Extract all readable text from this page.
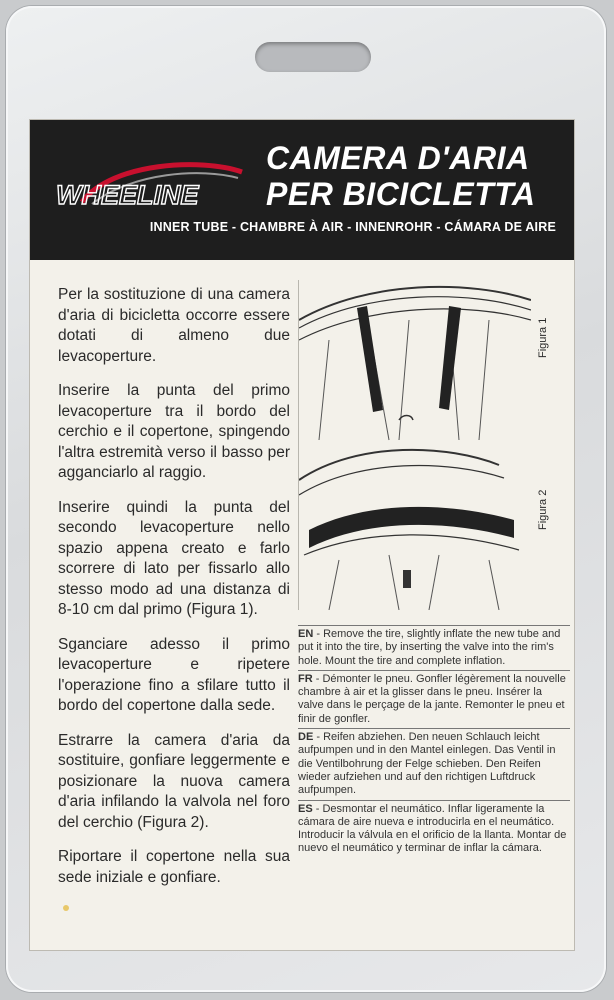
WHEELINE
CAMERA D'ARIA
PER BICICLETTA
INNER TUBE - CHAMBRE À AIR - INNENROHR - CÁMARA DE AIRE

Per la sostituzione di una camera d'aria di bicicletta occorre essere dotati di almeno due levacoperture.

Inserire la punta del primo levacoperture tra il bordo del cerchio e il copertone, spingendo l'altra estremità verso il basso per agganciarlo al raggio.

Inserire quindi la punta del secondo levacoperture nello spazio appena creato e farlo scorrere di lato per fissarlo allo stesso modo ad una distanza di 8-10 cm dal primo (Figura 1).

Sganciare adesso il primo levacoperture e ripetere l'operazione fino a sfilare tutto il bordo del copertone dalla sede.

Estrarre la camera d'aria da sostituire, gonfiare leggermente e posizionare la nuova camera d'aria infilando la valvola nel foro del cerchio (Figura 2).

Riportare il copertone nella sua sede iniziale e gonfiare.

Figura 1
Figura 2
EN - Remove the tire, slightly inflate the new tube and put it into the tire, by inserting the valve into the rim's hole. Mount the tire and complete inflation.
FR - Démonter le pneu. Gonfler légèrement la nouvelle chambre à air et la glisser dans le pneu. Insérer la valve dans le perçage de la jante. Remonter le pneu et finir de gonfler.
DE - Reifen abziehen. Den neuen Schlauch leicht aufpumpen und in den Mantel einlegen. Das Ventil in die Ventilbohrung der Felge schieben. Den Reifen wieder aufziehen und auf den richtigen Luftdruck aufpumpen.
ES - Desmontar el neumático. Inflar ligeramente la cámara de aire nueva e introducirla en el neumático. Introducir la válvula en el orificio de la llanta. Montar de nuevo el neumático y terminar de inflar la cámara.
